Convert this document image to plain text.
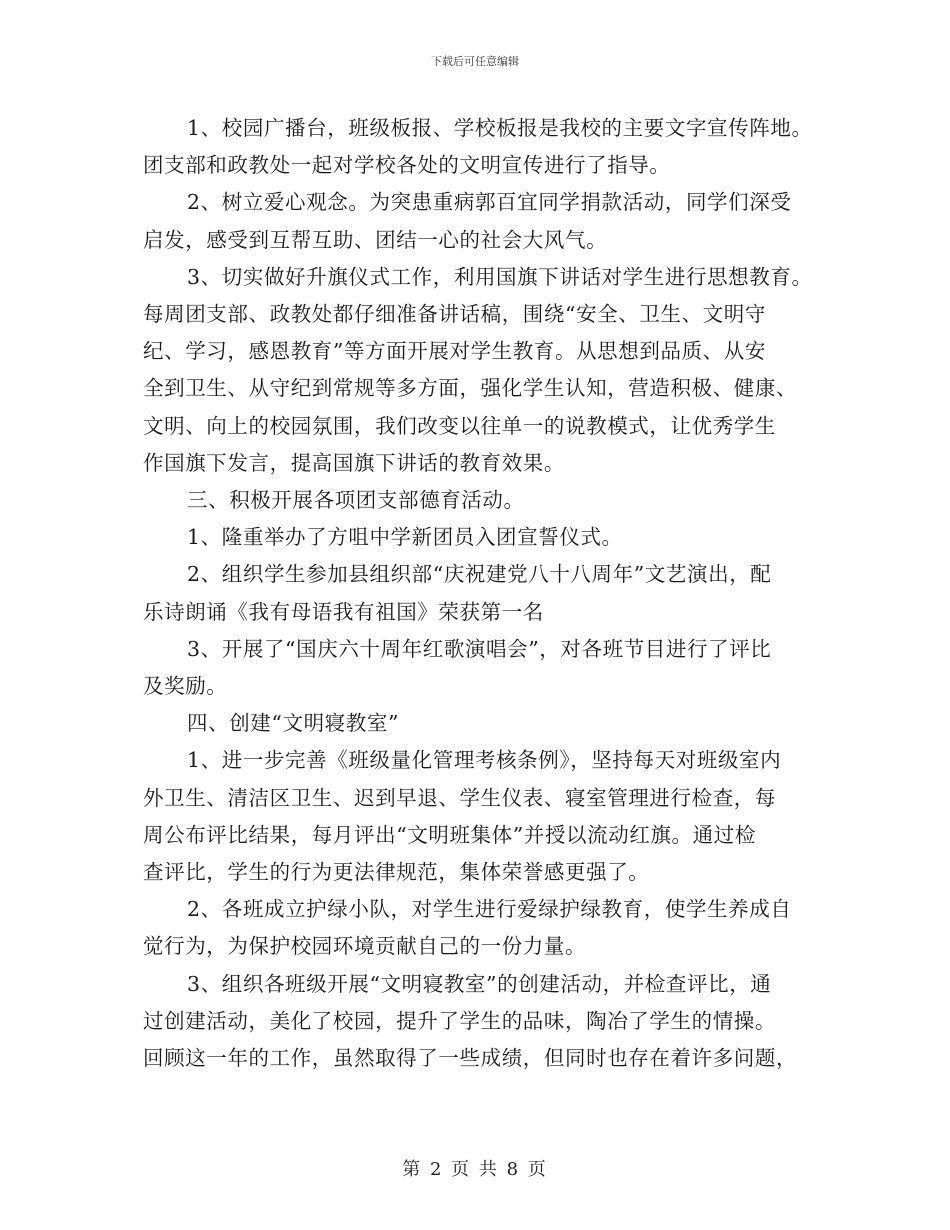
下载后可任意编辑
1、校园广播台，班级板报、学校板报是我校的主要文字宣传阵地。
团支部和政教处一起对学校各处的文明宣传进行了指导。
2、树立爱心观念。为突患重病郭百宜同学捐款活动，同学们深受
启发，感受到互帮互助、团结一心的社会大风气。
3、切实做好升旗仪式工作，利用国旗下讲话对学生进行思想教育。
每周团支部、政教处都仔细准备讲话稿，围绕“安全、卫生、文明守
纪、学习，感恩教育”等方面开展对学生教育。从思想到品质、从安
全到卫生、从守纪到常规等多方面，强化学生认知，营造积极、健康、
文明、向上的校园氛围，我们改变以往单一的说教模式，让优秀学生
作国旗下发言，提高国旗下讲话的教育效果。
三、积极开展各项团支部德育活动。
1、隆重举办了方咀中学新团员入团宣誓仪式。
2、组织学生参加县组织部“庆祝建党八十八周年”文艺演出，配
乐诗朗诵《我有母语我有祖国》荣获第一名
3、开展了“国庆六十周年红歌演唱会”，对各班节目进行了评比
及奖励。
四、创建“文明寝教室”
1、进一步完善《班级量化管理考核条例》，坚持每天对班级室内
外卫生、清洁区卫生、迟到早退、学生仪表、寝室管理进行检查，每
周公布评比结果，每月评出“文明班集体”并授以流动红旗。通过检
查评比，学生的行为更法律规范，集体荣誉感更强了。
2、各班成立护绿小队，对学生进行爱绿护绿教育，使学生养成自
觉行为，为保护校园环境贡献自己的一份力量。
3、组织各班级开展“文明寝教室”的创建活动，并检查评比，通
过创建活动，美化了校园，提升了学生的品味，陶冶了学生的情操。
回顾这一年的工作，虽然取得了一些成绩，但同时也存在着许多问题，
第 2 页 共 8 页
